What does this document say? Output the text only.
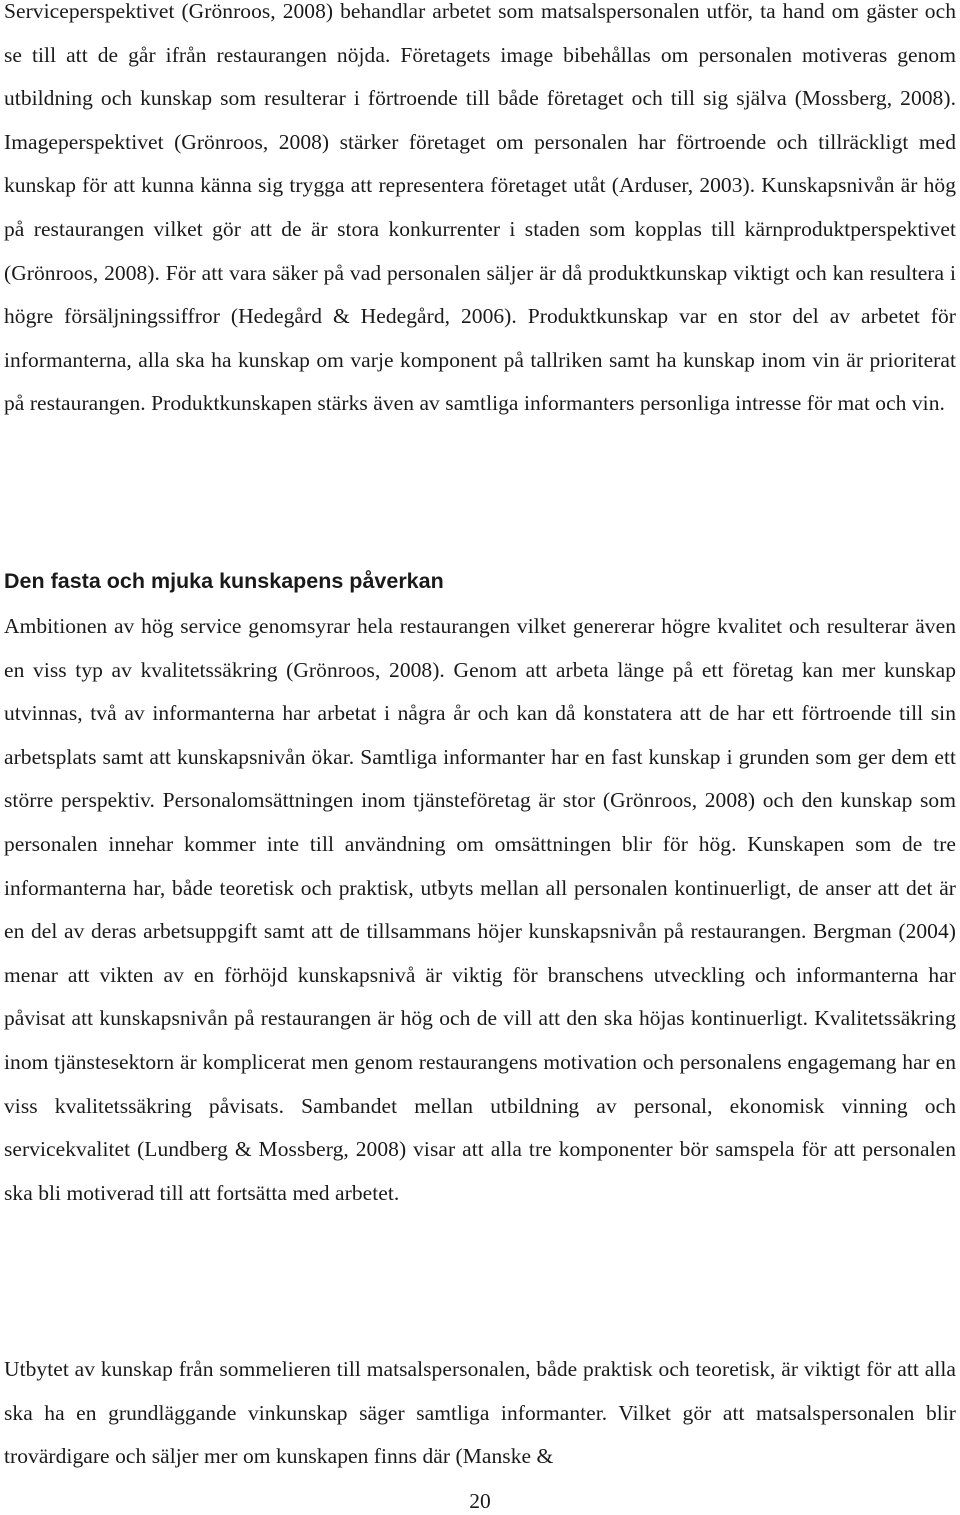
Serviceperspektivet (Grönroos, 2008) behandlar arbetet som matsalspersonalen utför, ta hand om gäster och se till att de går ifrån restaurangen nöjda. Företagets image bibehållas om personalen motiveras genom utbildning och kunskap som resulterar i förtroende till både företaget och till sig själva (Mossberg, 2008). Imageperspektivet (Grönroos, 2008) stärker företaget om personalen har förtroende och tillräckligt med kunskap för att kunna känna sig trygga att representera företaget utåt (Arduser, 2003). Kunskapsnivån är hög på restaurangen vilket gör att de är stora konkurrenter i staden som kopplas till kärnproduktperspektivet (Grönroos, 2008). För att vara säker på vad personalen säljer är då produktkunskap viktigt och kan resultera i högre försäljningssiffror (Hedegård & Hedegård, 2006). Produktkunskap var en stor del av arbetet för informanterna, alla ska ha kunskap om varje komponent på tallriken samt ha kunskap inom vin är prioriterat på restaurangen. Produktkunskapen stärks även av samtliga informanters personliga intresse för mat och vin.

Den fasta och mjuka kunskapens påverkan

Ambitionen av hög service genomsyrar hela restaurangen vilket genererar högre kvalitet och resulterar även en viss typ av kvalitetssäkring (Grönroos, 2008). Genom att arbeta länge på ett företag kan mer kunskap utvinnas, två av informanterna har arbetat i några år och kan då konstatera att de har ett förtroende till sin arbetsplats samt att kunskapsnivån ökar. Samtliga informanter har en fast kunskap i grunden som ger dem ett större perspektiv. Personalomsättningen inom tjänsteföretag är stor (Grönroos, 2008) och den kunskap som personalen innehar kommer inte till användning om omsättningen blir för hög. Kunskapen som de tre informanterna har, både teoretisk och praktisk, utbyts mellan all personalen kontinuerligt, de anser att det är en del av deras arbetsuppgift samt att de tillsammans höjer kunskapsnivån på restaurangen. Bergman (2004) menar att vikten av en förhöjd kunskapsnivå är viktig för branschens utveckling och informanterna har påvisat att kunskapsnivån på restaurangen är hög och de vill att den ska höjas kontinuerligt. Kvalitetssäkring inom tjänstesektorn är komplicerat men genom restaurangens motivation och personalens engagemang har en viss kvalitetssäkring påvisats. Sambandet mellan utbildning av personal, ekonomisk vinning och servicekvalitet (Lundberg & Mossberg, 2008) visar att alla tre komponenter bör samspela för att personalen ska bli motiverad till att fortsätta med arbetet.

Utbytet av kunskap från sommelieren till matsalspersonalen, både praktisk och teoretisk, är viktigt för att alla ska ha en grundläggande vinkunskap säger samtliga informanter. Vilket gör att matsalspersonalen blir trovärdigare och säljer mer om kunskapen finns där (Manske &

20
